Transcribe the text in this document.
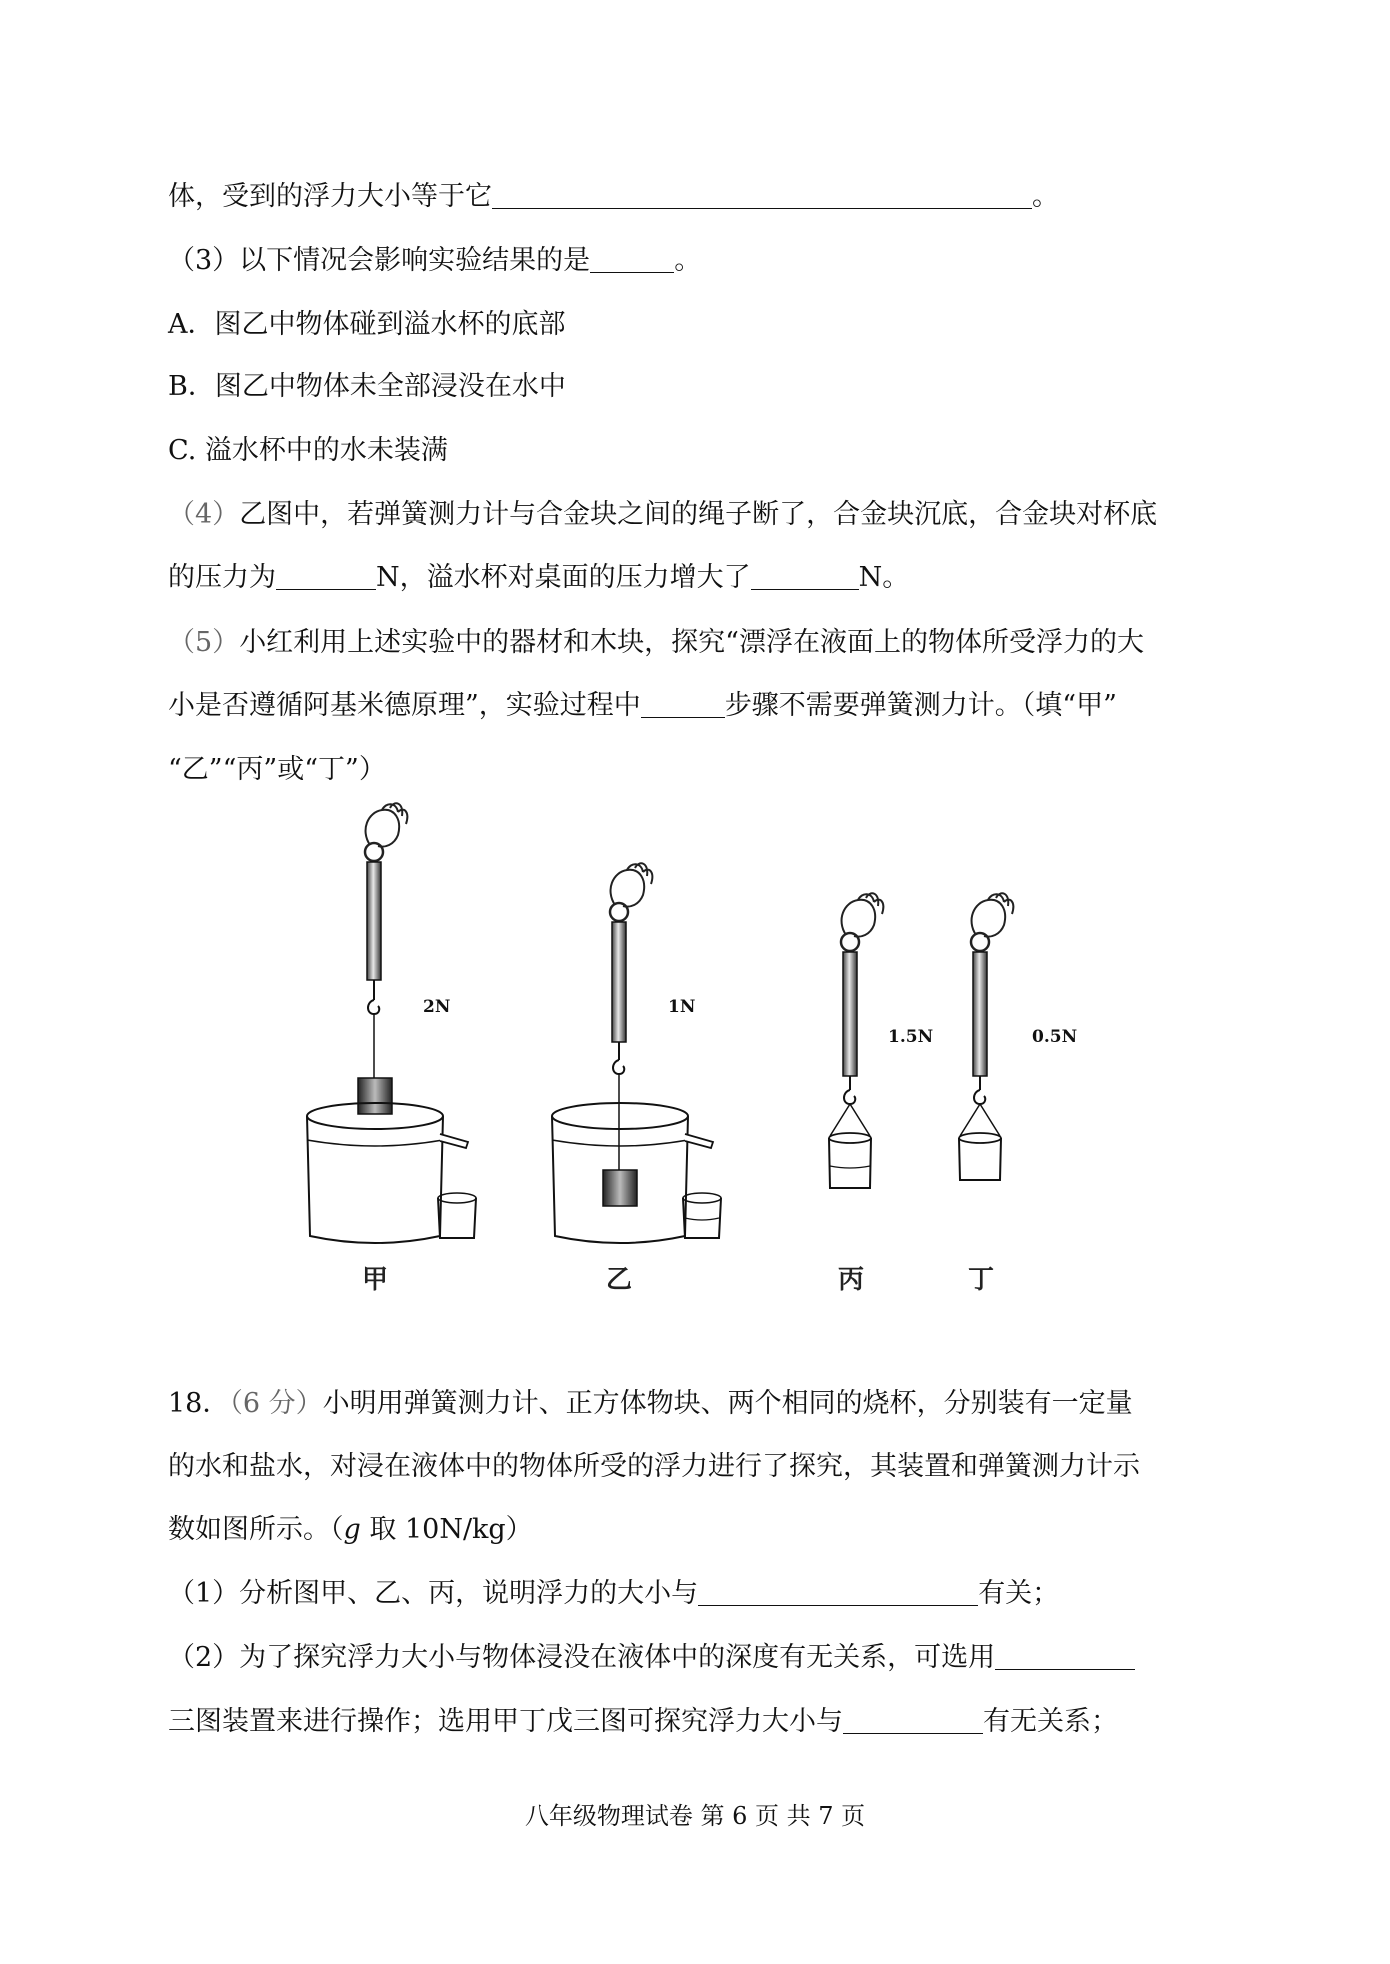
体，受到的浮力大小等于它	。
（3）以下情况会影响实验结果的是	。
A．图乙中物体碰到溢水杯的底部
B．图乙中物体未全部浸没在水中
C. 溢水杯中的水未装满
（4）乙图中，若弹簧测力计与合金块之间的绳子断了，合金块沉底，合金块对杯底
的压力为	N，溢水杯对桌面的压力增大了	N。
（5）小红利用上述实验中的器材和木块，探究“漂浮在液面上的物体所受浮力的大
小是否遵循阿基米德原理”，实验过程中	步骤不需要弹簧测力计。（填“甲”
“乙”“丙”或“丁”）
2N
甲
1N
乙
1.5N
丙
0.5N
丁
18．（6 分）小明用弹簧测力计、正方体物块、两个相同的烧杯，分别装有一定量
的水和盐水，对浸在液体中的物体所受的浮力进行了探究，其装置和弹簧测力计示
数如图所示。（g 取 10N/kg）
（1）分析图甲、乙、丙，说明浮力的大小与	有关；
（2）为了探究浮力大小与物体浸没在液体中的深度有无关系，可选用
三图装置来进行操作；选用甲丁戊三图可探究浮力大小与	有无关系；
八年级物理试卷 第 6 页 共 7 页
